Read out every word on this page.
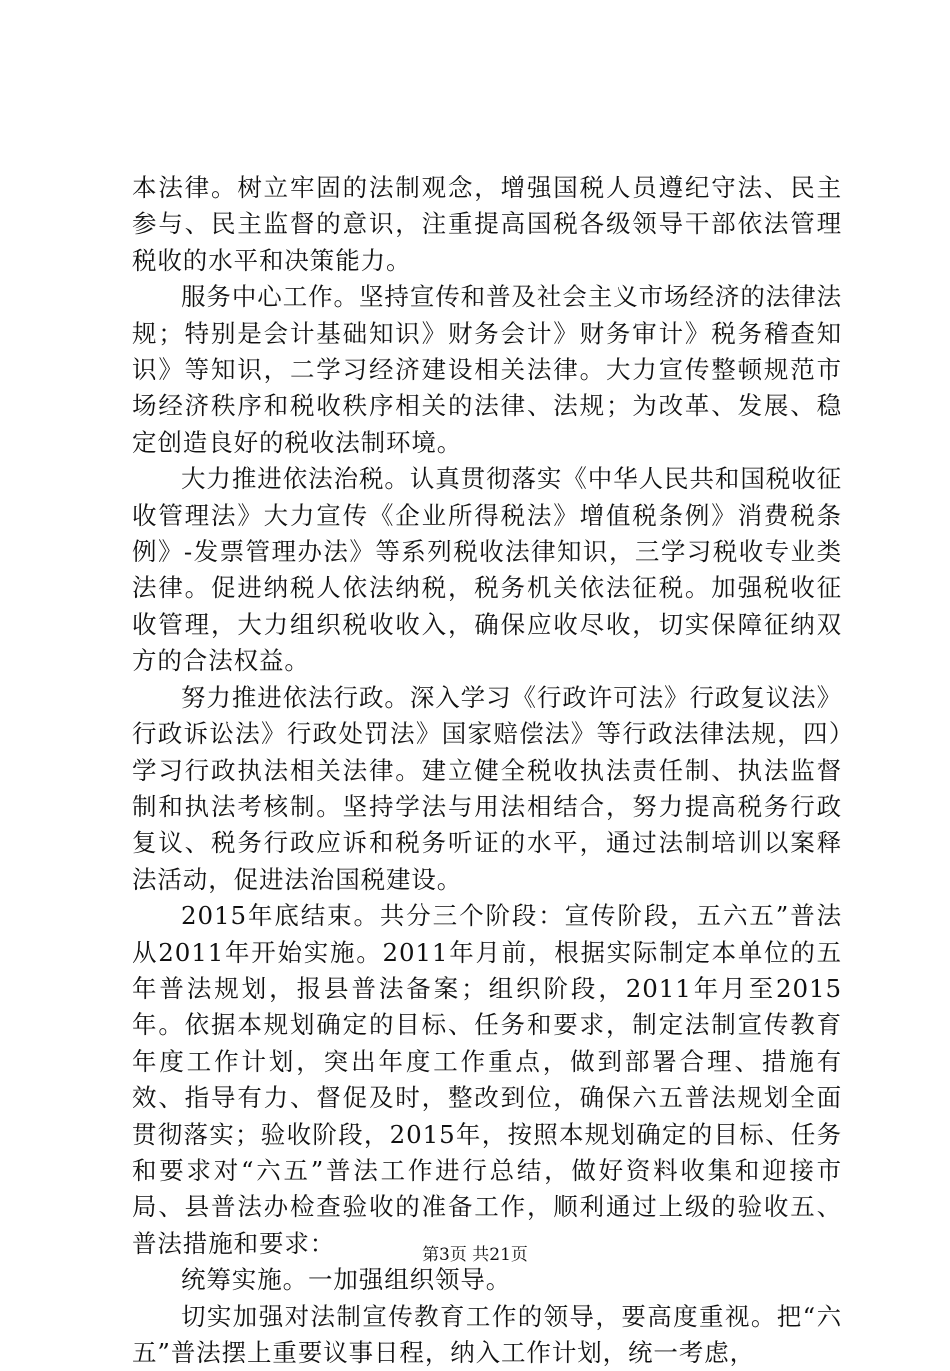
本法律。树立牢固的法制观念，增强国税人员遵纪守法、民主参与、民主监督的意识，注重提高国税各级领导干部依法管理税收的水平和决策能力。

服务中心工作。坚持宣传和普及社会主义市场经济的法律法规；特别是会计基础知识》财务会计》财务审计》税务稽查知识》等知识，二学习经济建设相关法律。大力宣传整顿规范市场经济秩序和税收秩序相关的法律、法规；为改革、发展、稳定创造良好的税收法制环境。

大力推进依法治税。认真贯彻落实《中华人民共和国税收征收管理法》大力宣传《企业所得税法》增值税条例》消费税条例》-发票管理办法》等系列税收法律知识，三学习税收专业类法律。促进纳税人依法纳税，税务机关依法征税。加强税收征收管理，大力组织税收收入，确保应收尽收，切实保障征纳双方的合法权益。

努力推进依法行政。深入学习《行政许可法》行政复议法》行政诉讼法》行政处罚法》国家赔偿法》等行政法律法规，四）学习行政执法相关法律。建立健全税收执法责任制、执法监督制和执法考核制。坚持学法与用法相结合，努力提高税务行政复议、税务行政应诉和税务听证的水平，通过法制培训以案释法活动，促进法治国税建设。

2015年底结束。共分三个阶段：宣传阶段，五六五”普法从2011年开始实施。2011年月前，根据实际制定本单位的五年普法规划，报县普法备案；组织阶段，2011年月至2015年。依据本规划确定的目标、任务和要求，制定法制宣传教育年度工作计划，突出年度工作重点，做到部署合理、措施有效、指导有力、督促及时，整改到位，确保六五普法规划全面贯彻落实；验收阶段，2015年，按照本规划确定的目标、任务和要求对“六五”普法工作进行总结，做好资料收集和迎接市局、县普法办检查验收的准备工作，顺利通过上级的验收五、普法措施和要求：

统筹实施。一加强组织领导。

切实加强对法制宣传教育工作的领导，要高度重视。把“六五”普法摆上重要议事日程，纳入工作计划，统一考虑，

第3页 共21页
